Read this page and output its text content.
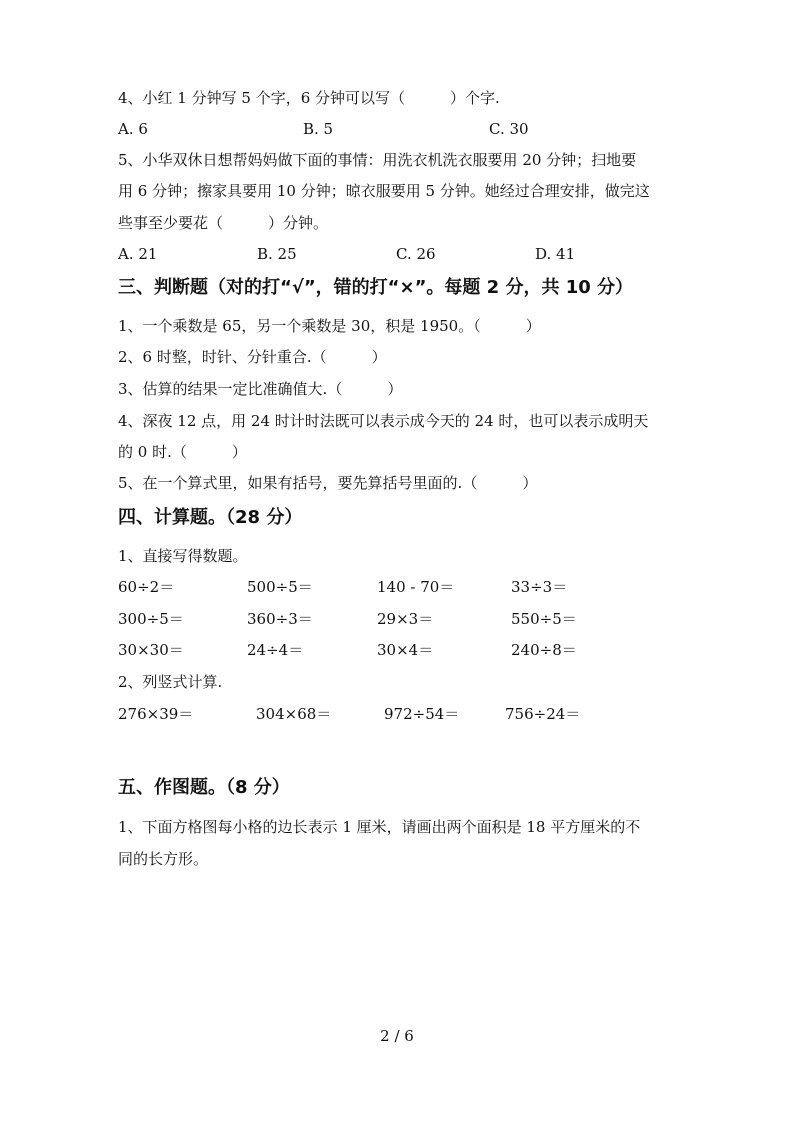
4、小红 1 分钟写 5 个字，6 分钟可以写（　　　）个字.
A. 6	B. 5	C. 30
5、小华双休日想帮妈妈做下面的事情：用洗衣机洗衣服要用 20 分钟；扫地要
用 6 分钟；擦家具要用 10 分钟；晾衣服要用 5 分钟。她经过合理安排，做完这
些事至少要花（　　　）分钟。
A. 21	B. 25	C. 26	D. 41
三、判断题（对的打“√”，错的打“×”。每题 2 分，共 10 分）
1、一个乘数是 65，另一个乘数是 30，积是 1950。（　　　）
2、6 时整，时针、分针重合.（　　　）
3、估算的结果一定比准确值大.（　　　）
4、深夜 12 点，用 24 时计时法既可以表示成今天的 24 时，也可以表示成明天
的 0 时.（　　　）
5、在一个算式里，如果有括号，要先算括号里面的.（　　　）
四、计算题。（28 分）
1、直接写得数题。
60÷2＝	500÷5＝	140 - 70＝	33÷3＝
300÷5＝	360÷3＝	29×3＝	550÷5＝
30×30＝	24÷4＝	30×4＝	240÷8＝
2、列竖式计算.
276×39＝	304×68＝	972÷54＝	756÷24＝
五、作图题。（8 分）
1、下面方格图每小格的边长表示 1 厘米，请画出两个面积是 18 平方厘米的不
同的长方形。
2 / 6
